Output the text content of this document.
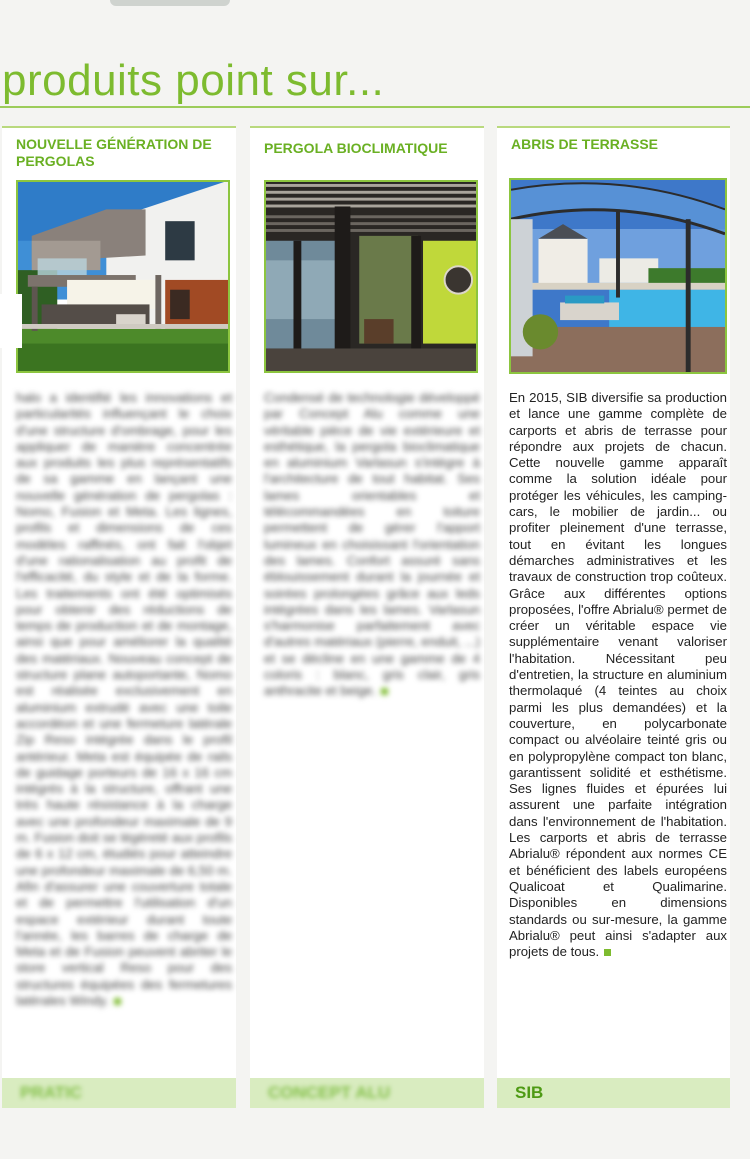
produits point sur...
NOUVELLE GÉNÉRATION DE PERGOLAS
halo a identifié les innovations et particularités influençant le choix d'une structure d'ombrage, pour les appliquer de manière concentrée aux produits les plus représentatifs de sa gamme en lançant une nouvelle génération de pergolas : Nomo, Fusion et Meta. Les lignes, profils et dimensions de ces modèles raffinés, ont fait l'objet d'une rationalisation au profit de l'efficacité, du style et de la forme. Les traitements ont été optimisés pour obtenir des réductions de temps de production et de montage, ainsi que pour améliorer la qualité des matériaux. Nouveau concept de structure plane autoportante, Nomo est réalisée exclusivement en aluminium extrudé avec une toile accordéon et une fermeture latérale Zip Reso intégrée dans le profil antérieur. Meta est équipée de rails de guidage porteurs de 16 x 16 cm intégrés à la structure, offrant une très haute résistance à la charge avec une profondeur maximale de 9 m. Fusion doit se légèreté aux profils de 6 x 12 cm, étudiés pour atteindre une profondeur maximale de 6,50 m. Afin d'assurer une couverture totale et de permettre l'utilisation d'un espace extérieur durant toute l'année, les barres de charge de Meta et de Fusion peuvent abriter le store vertical Reso pour des structures équipées des fermetures latérales Windy.
PRATIC
PERGOLA BIOCLIMATIQUE
Condensé de technologie développé par Concept Alu comme une véritable pièce de vie extérieure et esthétique, la pergola bioclimatique en aluminium Varlasun s'intègre à l'architecture de tout habitat. Ses lames orientables et télécommandées en toiture permettent de gérer l'apport lumineux en choisissant l'orientation des lames. Confort assuré sans éblouissement durant la journée et soirées prolongées grâce aux leds intégrées dans les lames. Varlasun s'harmonise parfaitement avec d'autres matériaux (pierre, enduit, ...) et se décline en une gamme de 4 coloris : blanc, gris clair, gris anthracite et beige.
CONCEPT ALU
ABRIS DE TERRASSE
En 2015, SIB diversifie sa production et lance une gamme complète de carports et abris de terrasse pour répondre aux projets de chacun. Cette nouvelle gamme apparaît comme la solution idéale pour protéger les véhicules, les camping-cars, le mobilier de jardin... ou profiter pleinement d'une terrasse, tout en évitant les longues démarches administratives et les travaux de construction trop coûteux. Grâce aux différentes options proposées, l'offre Abrialu® permet de créer un véritable espace vie supplémentaire venant valoriser l'habitation. Nécessitant peu d'entretien, la structure en aluminium thermolaqué (4 teintes au choix parmi les plus demandées) et la couverture, en polycarbonate compact ou alvéolaire teinté gris ou en polypropylène compact ton blanc, garantissent solidité et esthétisme. Ses lignes fluides et épurées lui assurent une parfaite intégration dans l'environnement de l'habitation. Les carports et abris de terrasse Abrialu® répondent aux normes CE et bénéficient des labels européens Qualicoat et Qualimarine. Disponibles en dimensions standards ou sur-mesure, la gamme Abrialu® peut ainsi s'adapter aux projets de tous.
SIB
